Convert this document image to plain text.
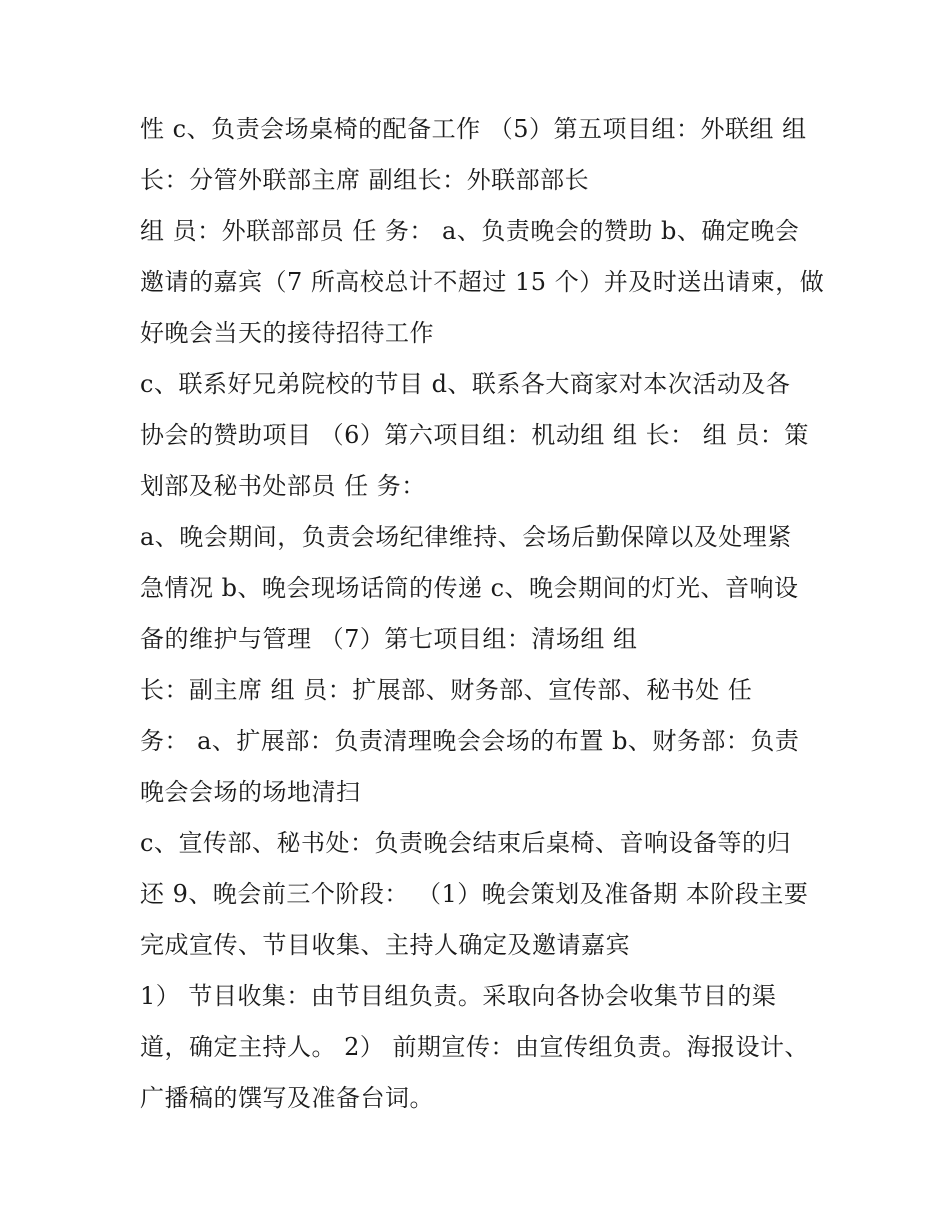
性 c、负责会场桌椅的配备工作 （5）第五项目组：外联组 组
长：分管外联部主席 副组长：外联部部长
组 员：外联部部员 任 务： a、负责晚会的赞助 b、确定晚会
邀请的嘉宾（7 所高校总计不超过 15 个）并及时送出请柬，做
好晚会当天的接待招待工作
c、联系好兄弟院校的节目 d、联系各大商家对本次活动及各
协会的赞助项目 （6）第六项目组：机动组 组 长： 组 员：策
划部及秘书处部员 任 务：
a、晚会期间，负责会场纪律维持、会场后勤保障以及处理紧
急情况 b、晚会现场话筒的传递 c、晚会期间的灯光、音响设
备的维护与管理 （7）第七项目组：清场组 组
长：副主席 组 员：扩展部、财务部、宣传部、秘书处 任
务： a、扩展部：负责清理晚会会场的布置 b、财务部：负责
晚会会场的场地清扫
c、宣传部、秘书处：负责晚会结束后桌椅、音响设备等的归
还 9、晚会前三个阶段： （1）晚会策划及准备期 本阶段主要
完成宣传、节目收集、主持人确定及邀请嘉宾
1） 节目收集：由节目组负责。采取向各协会收集节目的渠
道，确定主持人。 2） 前期宣传：由宣传组负责。海报设计、
广播稿的馔写及准备台词。
